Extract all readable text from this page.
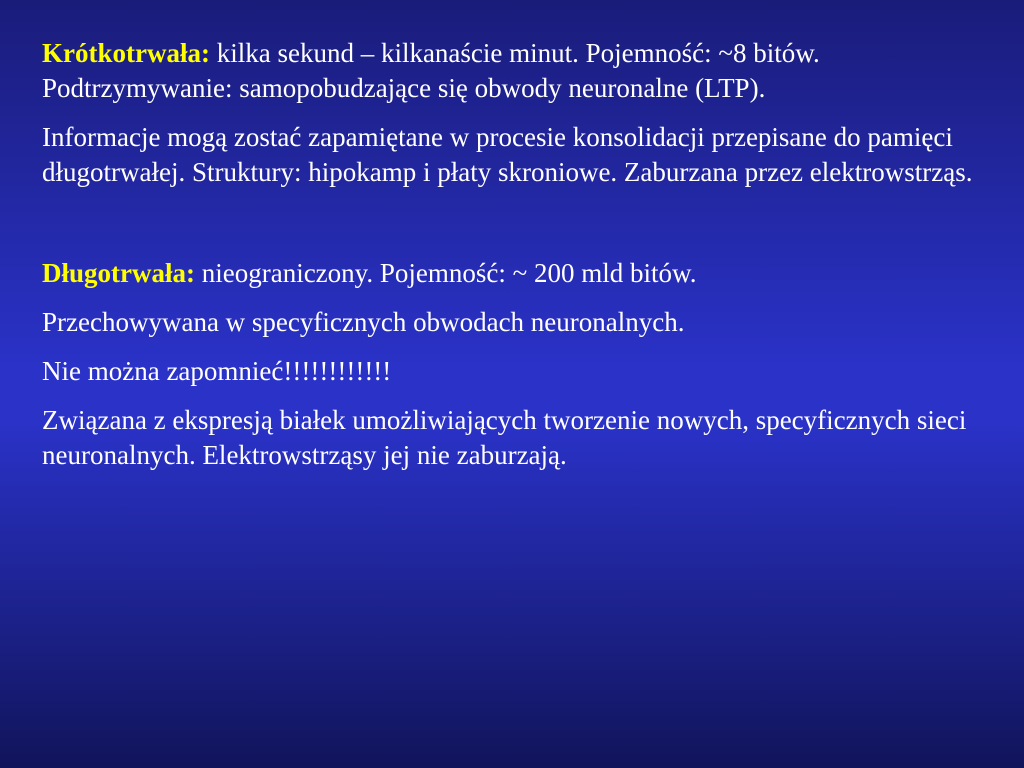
Krótkotrwała: kilka sekund – kilkanaście minut. Pojemność: ~8 bitów. Podtrzymywanie: samopobudzające się obwody neuronalne (LTP).

Informacje mogą zostać zapamiętane w procesie konsolidacji przepisane do pamięci długotrwałej. Struktury: hipokamp i płaty skroniowe. Zaburzana przez elektrowstrząs.

Długotrwała: nieograniczony. Pojemność: ~ 200 mld bitów.

Przechowywana w specyficznych obwodach neuronalnych.

Nie można zapomnieć!!!!!!!!!!!!

Związana z ekspresją białek umożliwiających tworzenie nowych, specyficznych sieci neuronalnych. Elektrowstrząsy jej nie zaburzają.
